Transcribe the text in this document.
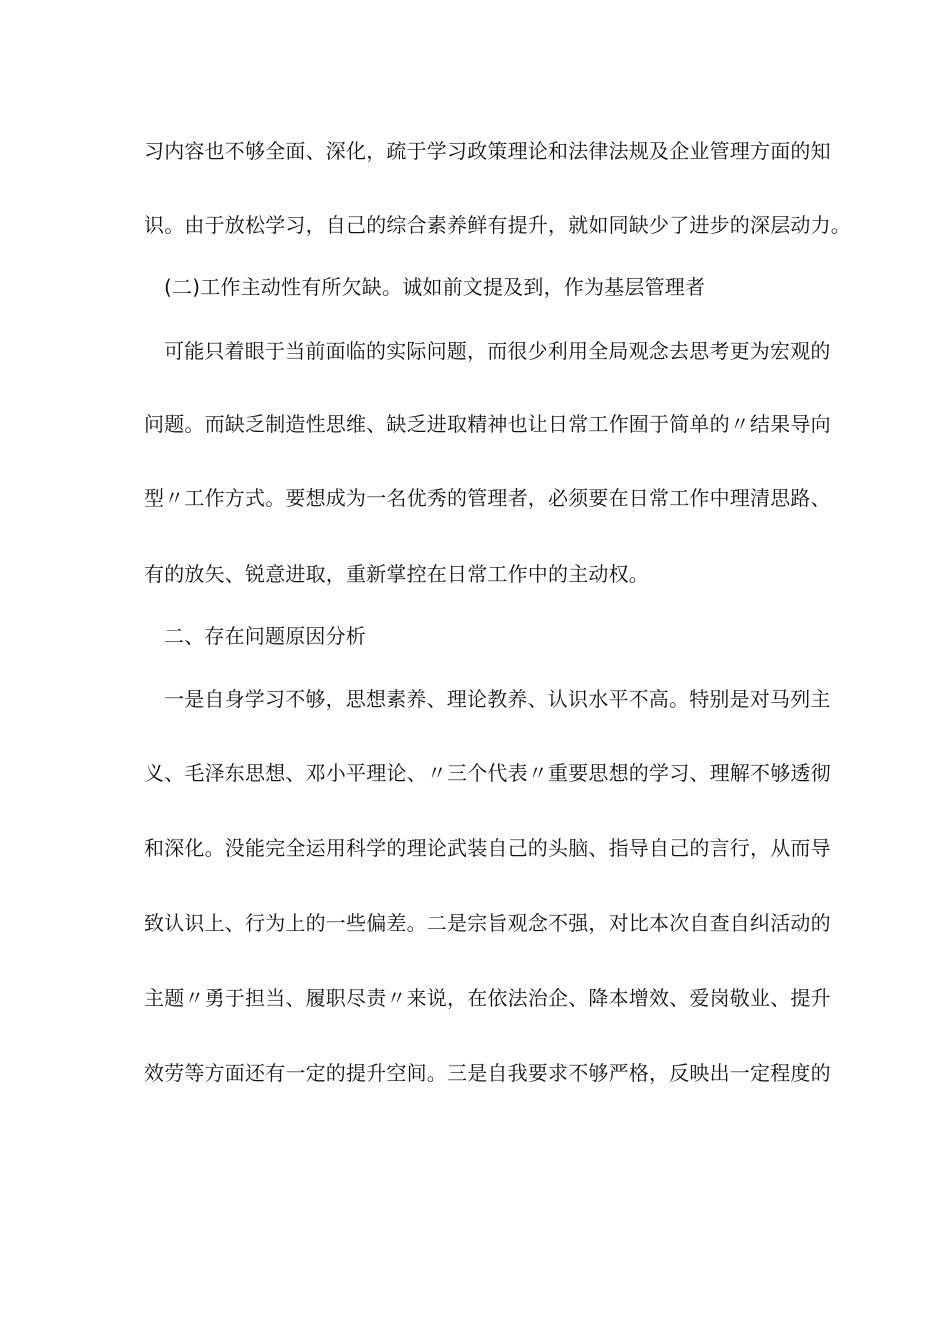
习内容也不够全面、深化，疏于学习政策理论和法律法规及企业管理方面的知
识。由于放松学习，自己的综合素养鲜有提升，就如同缺少了进步的深层动力。
(二)工作主动性有所欠缺。诚如前文提及到，作为基层管理者
可能只着眼于当前面临的实际问题，而很少利用全局观念去思考更为宏观的
问题。而缺乏制造性思维、缺乏进取精神也让日常工作囿于简单的〃结果导向
型〃工作方式。要想成为一名优秀的管理者，必须要在日常工作中理清思路、
有的放矢、锐意进取，重新掌控在日常工作中的主动权。
二、存在问题原因分析
一是自身学习不够，思想素养、理论教养、认识水平不高。特别是对马列主
义、毛泽东思想、邓小平理论、〃三个代表〃重要思想的学习、理解不够透彻
和深化。没能完全运用科学的理论武装自己的头脑、指导自己的言行，从而导
致认识上、行为上的一些偏差。二是宗旨观念不强，对比本次自查自纠活动的
主题〃勇于担当、履职尽责〃来说，在依法治企、降本增效、爱岗敬业、提升
效劳等方面还有一定的提升空间。三是自我要求不够严格，反映出一定程度的
